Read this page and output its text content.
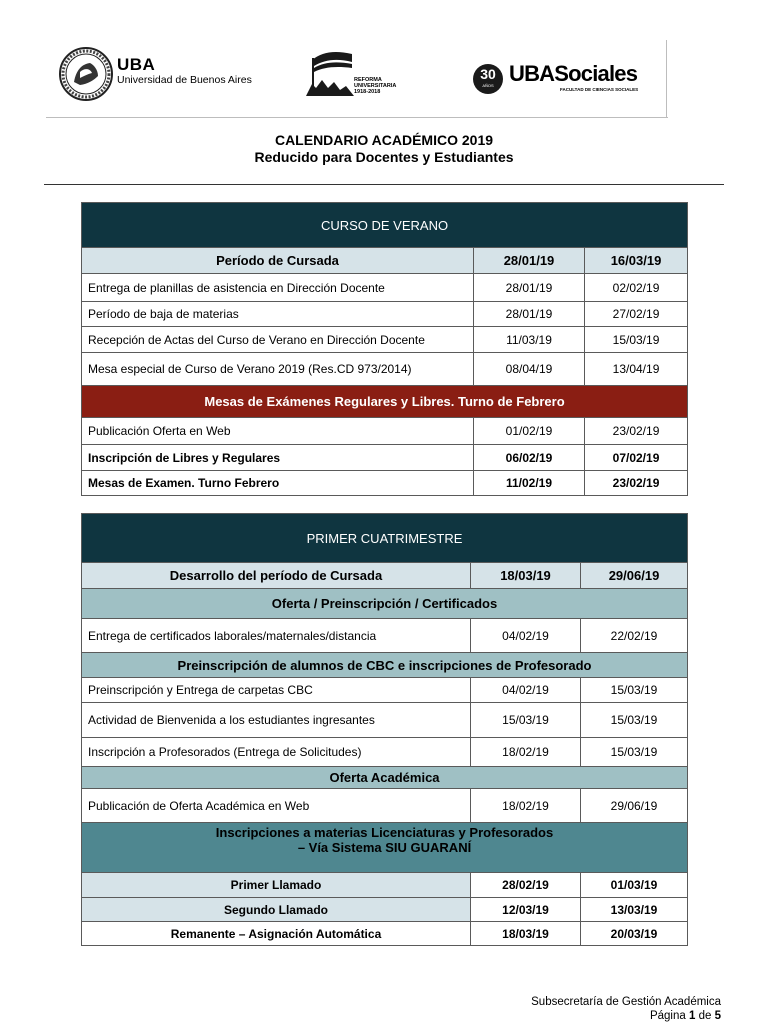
UBA
Universidad de Buenos Aires	REFORMA
UNIVERSITARIA
1918-2018
30
AÑOS UBASociales
FACULTAD DE CIENCIAS SOCIALES
CALENDARIO ACADÉMICO 2019
Reducido para Docentes y Estudiantes
CURSO DE VERANO		
Período de Cursada	28/01/19	16/03/19
Entrega de planillas de asistencia en Dirección Docente	28/01/19	02/02/19
Período de baja de materias	28/01/19	27/02/19
Recepción de Actas del Curso de Verano en Dirección Docente	11/03/19	15/03/19
Mesa especial de Curso de Verano 2019 (Res.CD 973/2014)	08/04/19	13/04/19
Mesas de Exámenes Regulares y Libres. Turno de Febrero		
Publicación Oferta en Web	01/02/19	23/02/19
Inscripción de Libres y Regulares	06/02/19	07/02/19
Mesas de Examen. Turno Febrero	11/02/19	23/02/19
PRIMER CUATRIMESTRE		
Desarrollo del período de Cursada	18/03/19	29/06/19
Oferta / Preinscripción / Certificados		
Entrega de certificados laborales/maternales/distancia	04/02/19	22/02/19
Preinscripción de alumnos de CBC e inscripciones de Profesorado		
Preinscripción y Entrega de carpetas CBC	04/02/19	15/03/19
Actividad de Bienvenida a los estudiantes ingresantes	15/03/19	15/03/19
Inscripción a Profesorados (Entrega de Solicitudes)	18/02/19	15/03/19
Oferta Académica		
Publicación de Oferta Académica en Web	18/02/19	29/06/19

Inscripciones a materias Licenciaturas y Profesorados
– Vía Sistema SIU GUARANÍ		

Primer Llamado	28/02/19	01/03/19
Segundo Llamado	12/03/19	13/03/19
Remanente – Asignación Automática	18/03/19	20/03/19
Subsecretaría de Gestión Académica
Página 1 de 5
